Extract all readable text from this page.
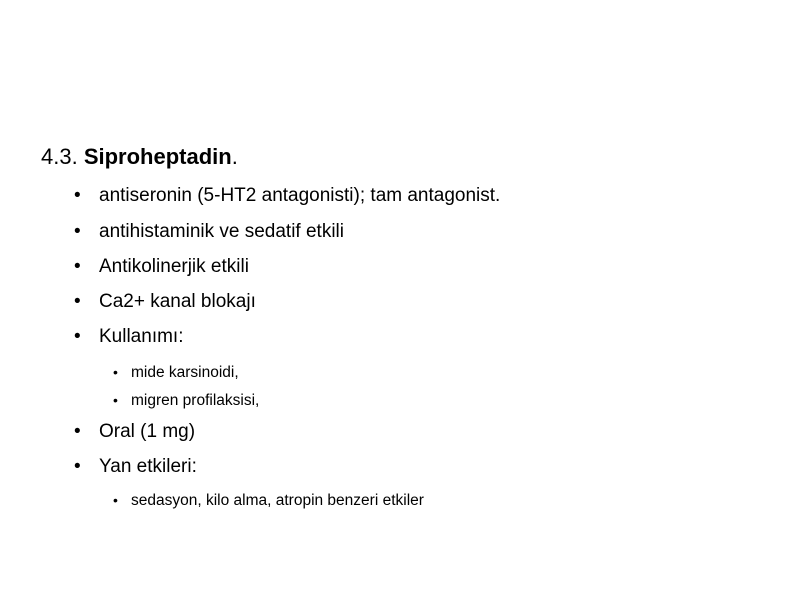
4.3. Siproheptadin.
• antiseronin (5-HT2 antagonisti); tam antagonist.
• antihistaminik ve sedatif etkili
• Antikolinerjik etkili
• Ca2+ kanal blokajı
• Kullanımı:
• mide karsinoidi,
• migren profilaksisi,
• Oral (1 mg)
• Yan etkileri:
• sedasyon, kilo alma, atropin benzeri etkiler
